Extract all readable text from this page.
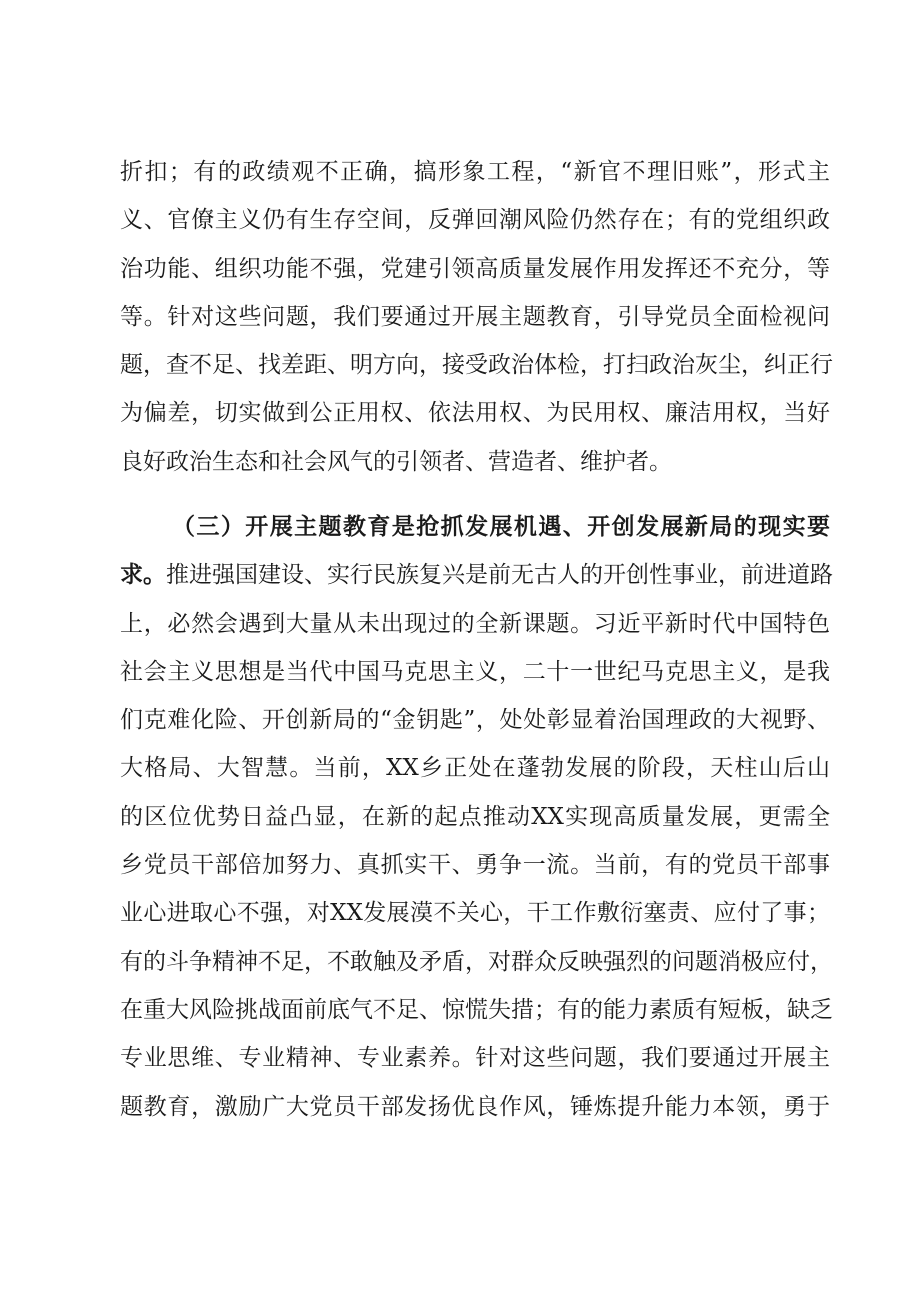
折扣；有的政绩观不正确，搞形象工程，“新官不理旧账”，形式主
义、官僚主义仍有生存空间，反弹回潮风险仍然存在；有的党组织政
治功能、组织功能不强，党建引领高质量发展作用发挥还不充分，等
等。针对这些问题，我们要通过开展主题教育，引导党员全面检视问
题，查不足、找差距、明方向，接受政治体检，打扫政治灰尘，纠正行
为偏差，切实做到公正用权、依法用权、为民用权、廉洁用权，当好
良好政治生态和社会风气的引领者、营造者、维护者。
（三）开展主题教育是抢抓发展机遇、开创发展新局的现实要
求。推进强国建设、实行民族复兴是前无古人的开创性事业，前进道路
上，必然会遇到大量从未出现过的全新课题。习近平新时代中国特色
社会主义思想是当代中国马克思主义，二十一世纪马克思主义，是我
们克难化险、开创新局的“金钥匙”，处处彰显着治国理政的大视野、
大格局、大智慧。当前，XX乡正处在蓬勃发展的阶段，天柱山后山
的区位优势日益凸显，在新的起点推动XX实现高质量发展，更需全
乡党员干部倍加努力、真抓实干、勇争一流。当前，有的党员干部事
业心进取心不强，对XX发展漠不关心，干工作敷衍塞责、应付了事；
有的斗争精神不足，不敢触及矛盾，对群众反映强烈的问题消极应付，
在重大风险挑战面前底气不足、惊慌失措；有的能力素质有短板，缺乏
专业思维、专业精神、专业素养。针对这些问题，我们要通过开展主
题教育，激励广大党员干部发扬优良作风，锤炼提升能力本领，勇于
